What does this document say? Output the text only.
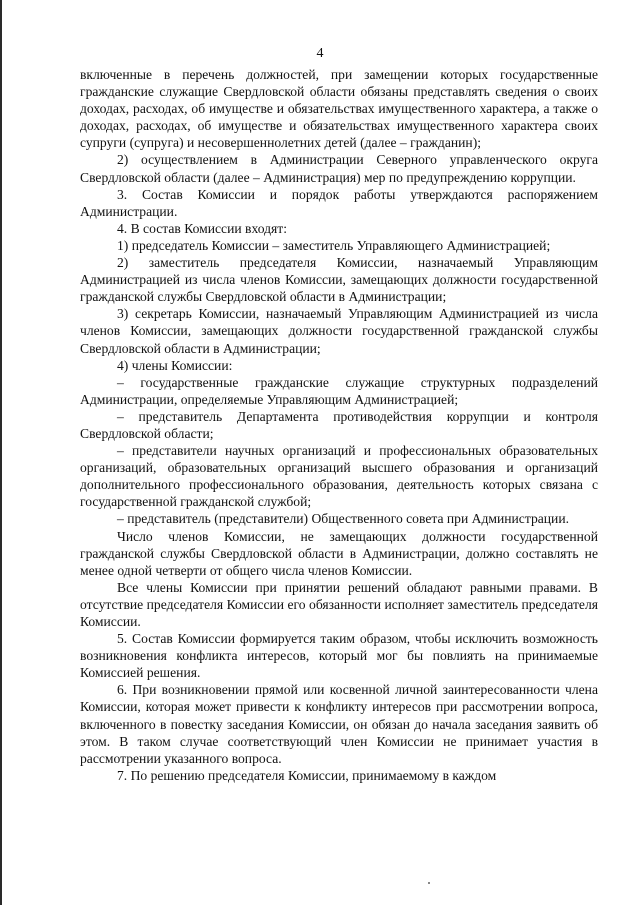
4

включенные в перечень должностей, при замещении которых государственные гражданские служащие Свердловской области обязаны представлять сведения о своих доходах, расходах, об имуществе и обязательствах имущественного характера, а также о доходах, расходах, об имуществе и обязательствах имущественного характера своих супруги (супруга) и несовершеннолетних детей (далее – гражданин);

2) осуществлением в Администрации Северного управленческого округа Свердловской области (далее – Администрация) мер по предупреждению коррупции.

3. Состав Комиссии и порядок работы утверждаются распоряжением Администрации.

4. В состав Комиссии входят:

1) председатель Комиссии – заместитель Управляющего Администрацией;

2) заместитель председателя Комиссии, назначаемый Управляющим Администрацией из числа членов Комиссии, замещающих должности государственной гражданской службы Свердловской области в Администрации;

3) секретарь Комиссии, назначаемый Управляющим Администрацией из числа членов Комиссии, замещающих должности государственной гражданской службы Свердловской области в Администрации;

4) члены Комиссии:

– государственные гражданские служащие структурных подразделений Администрации, определяемые Управляющим Администрацией;

– представитель Департамента противодействия коррупции и контроля Свердловской области;

– представители научных организаций и профессиональных образовательных организаций, образовательных организаций высшего образования и организаций дополнительного профессионального образования, деятельность которых связана с государственной гражданской службой;

– представитель (представители) Общественного совета при Администрации.

Число членов Комиссии, не замещающих должности государственной гражданской службы Свердловской области в Администрации, должно составлять не менее одной четверти от общего числа членов Комиссии.

Все члены Комиссии при принятии решений обладают равными правами. В отсутствие председателя Комиссии его обязанности исполняет заместитель председателя Комиссии.

5. Состав Комиссии формируется таким образом, чтобы исключить возможность возникновения конфликта интересов, который мог бы повлиять на принимаемые Комиссией решения.

6. При возникновении прямой или косвенной личной заинтересованности члена Комиссии, которая может привести к конфликту интересов при рассмотрении вопроса, включенного в повестку заседания Комиссии, он обязан до начала заседания заявить об этом. В таком случае соответствующий член Комиссии не принимает участия в рассмотрении указанного вопроса.

7. По решению председателя Комиссии, принимаемому в каждом
